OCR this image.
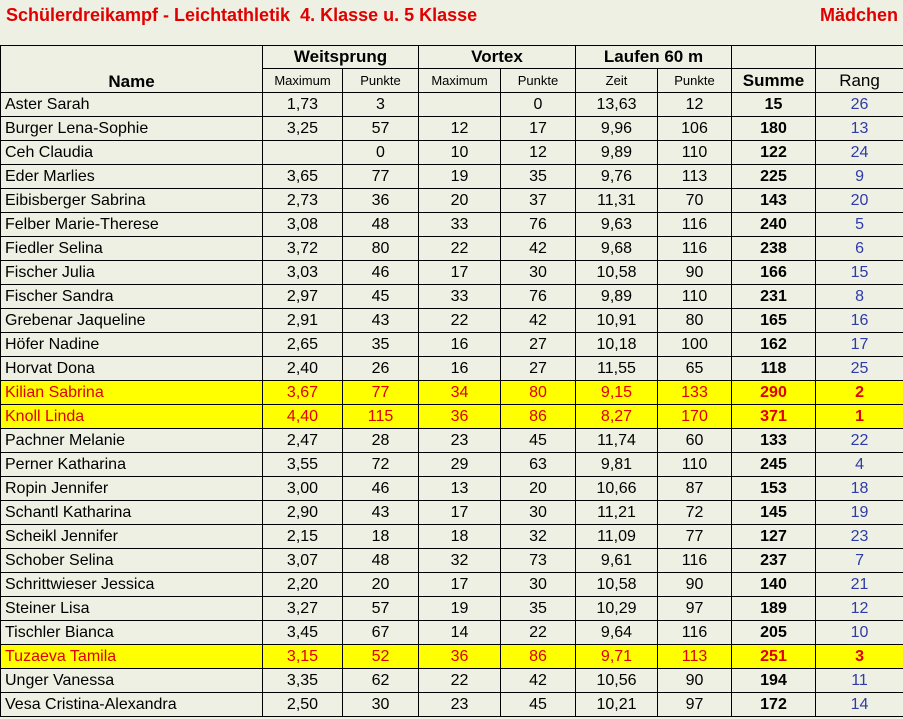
Schülerdreikampf - Leichtathletik  4. Klasse u. 5 Klasse	Mädchen
Name	Weitsprung		Vortex		Laufen 60 m			
	Maximum	Punkte	Maximum	Punkte	Zeit	Punkte	Summe	Rang
Aster Sarah	1,73	3		0	13,63	12	15	26
Burger Lena-Sophie	3,25	57	12	17	9,96	106	180	13
Ceh Claudia		0	10	12	9,89	110	122	24
Eder Marlies	3,65	77	19	35	9,76	113	225	9
Eibisberger Sabrina	2,73	36	20	37	11,31	70	143	20
Felber Marie-Therese	3,08	48	33	76	9,63	116	240	5
Fiedler Selina	3,72	80	22	42	9,68	116	238	6
Fischer Julia	3,03	46	17	30	10,58	90	166	15
Fischer Sandra	2,97	45	33	76	9,89	110	231	8
Grebenar Jaqueline	2,91	43	22	42	10,91	80	165	16
Höfer Nadine	2,65	35	16	27	10,18	100	162	17
Horvat Dona	2,40	26	16	27	11,55	65	118	25
Kilian Sabrina	3,67	77	34	80	9,15	133	290	2
Knoll Linda	4,40	115	36	86	8,27	170	371	1
Pachner Melanie	2,47	28	23	45	11,74	60	133	22
Perner Katharina	3,55	72	29	63	9,81	110	245	4
Ropin Jennifer	3,00	46	13	20	10,66	87	153	18
Schantl Katharina	2,90	43	17	30	11,21	72	145	19
Scheikl Jennifer	2,15	18	18	32	11,09	77	127	23
Schober Selina	3,07	48	32	73	9,61	116	237	7
Schrittwieser Jessica	2,20	20	17	30	10,58	90	140	21
Steiner Lisa	3,27	57	19	35	10,29	97	189	12
Tischler Bianca	3,45	67	14	22	9,64	116	205	10
Tuzaeva Tamila	3,15	52	36	86	9,71	113	251	3
Unger Vanessa	3,35	62	22	42	10,56	90	194	11
Vesa Cristina-Alexandra	2,50	30	23	45	10,21	97	172	14
